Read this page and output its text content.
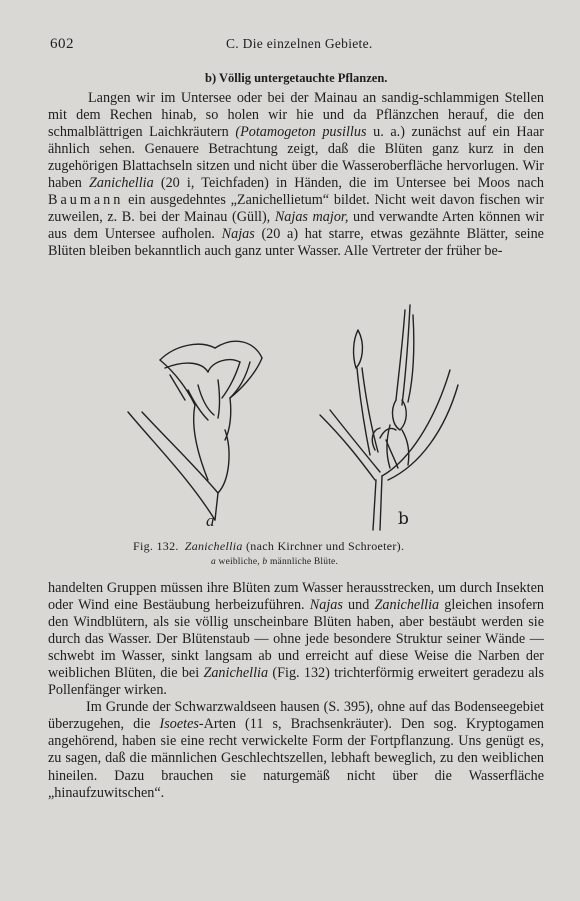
602	C. Die einzelnen Gebiete.
b) Völlig untergetauchte Pflanzen.

Langen wir im Untersee oder bei der Mainau an sandig-schlammigen Stellen mit dem Rechen hinab, so holen wir hie und da Pflänzchen herauf, die den schmalblättrigen Laichkräutern (Potamogeton pusillus u. a.) zunächst auf ein Haar ähnlich sehen. Genauere Betrachtung zeigt, daß die Blüten ganz kurz in den zugehörigen Blattachseln sitzen und nicht über die Wasseroberfläche hervorlugen. Wir haben Zanichellia (20 i, Teichfaden) in Händen, die im Untersee bei Moos nach Baumann ein ausgedehntes „Zanichellietum“ bildet. Nicht weit davon fischen wir zuweilen, z. B. bei der Mainau (Güll), Najas major, und verwandte Arten können wir aus dem Untersee aufholen. Najas (20 a) hat starre, etwas gezähnte Blätter, seine Blüten bleiben bekanntlich auch ganz unter Wasser. Alle Vertreter der früher be-

a	b
Fig. 132. Zanichellia (nach Kirchner und Schroeter).
a weibliche, b männliche Blüte.

handelten Gruppen müssen ihre Blüten zum Wasser herausstrecken, um durch Insekten oder Wind eine Bestäubung herbeizuführen. Najas und Zanichellia gleichen insofern den Windblütern, als sie völlig unscheinbare Blüten haben, aber bestäubt werden sie durch das Wasser. Der Blütenstaub — ohne jede besondere Struktur seiner Wände — schwebt im Wasser, sinkt langsam ab und erreicht auf diese Weise die Narben der weiblichen Blüten, die bei Zanichellia (Fig. 132) trichterförmig erweitert geradezu als Pollenfänger wirken.
Im Grunde der Schwarzwaldseen hausen (S. 395), ohne auf das Bodenseegebiet überzugehen, die Isoetes-Arten (11 s, Brachsenkräuter). Den sog. Kryptogamen angehörend, haben sie eine recht verwickelte Form der Fortpflanzung. Uns genügt es, zu sagen, daß die männlichen Geschlechtszellen, lebhaft beweglich, zu den weiblichen hineilen. Dazu brauchen sie naturgemäß nicht über die Wasserfläche „hinaufzuwitschen“.
